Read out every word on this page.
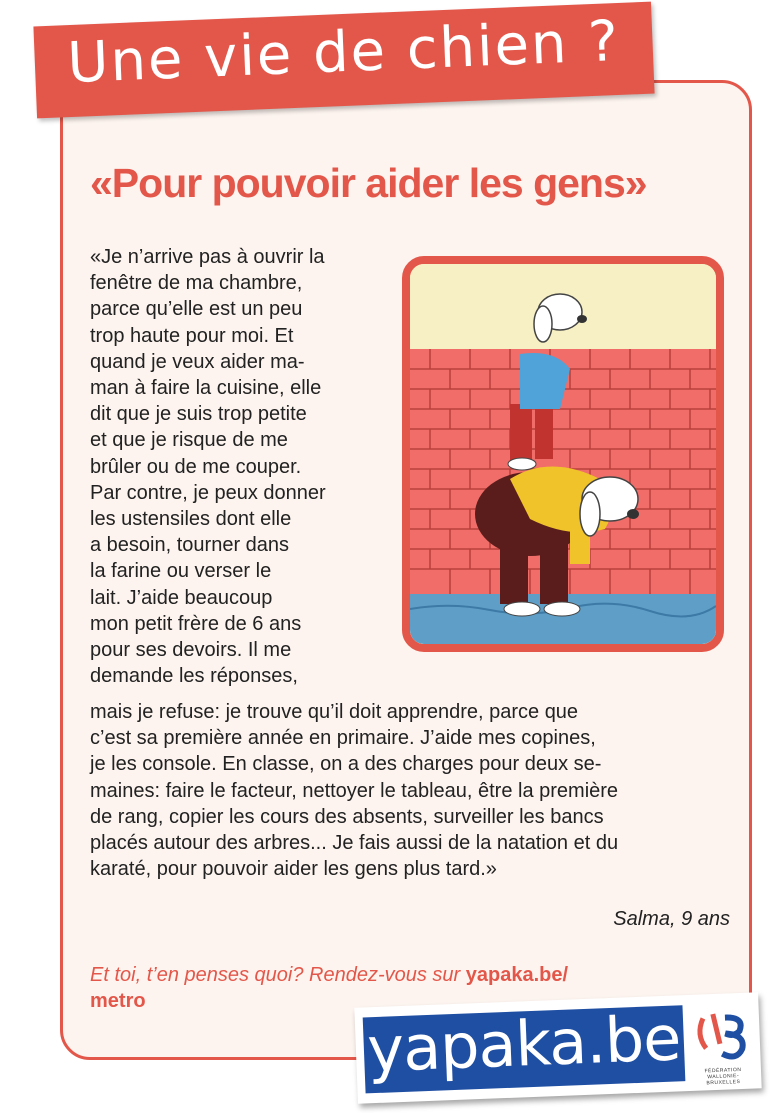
Une vie de chien ?
«Pour pouvoir aider les gens»
«Je n’arrive pas à ouvrir la
fenêtre de ma chambre,
parce qu’elle est un peu
trop haute pour moi. Et
quand je veux aider ma-
man à faire la cuisine, elle
dit que je suis trop petite
et que je risque de me
brûler ou de me couper.
Par contre, je peux donner
les ustensiles dont elle
a besoin, tourner dans
la farine ou verser le
lait. J’aide beaucoup
mon petit frère de 6 ans
pour ses devoirs. Il me
demande les réponses,
mais je refuse: je trouve qu’il doit apprendre, parce que
c’est sa première année en primaire. J’aide mes copines,
je les console. En classe, on a des charges pour deux se-
maines: faire le facteur, nettoyer le tableau, être la première
de rang, copier les cours des absents, surveiller les bancs
placés autour des arbres... Je fais aussi de la natation et du
karaté, pour pouvoir aider les gens plus tard.»
Salma, 9 ans
Et toi, t’en penses quoi? Rendez-vous sur yapaka.be/
metro
yapaka.be	FÉDÉRATION WALLONIE-BRUXELLES
